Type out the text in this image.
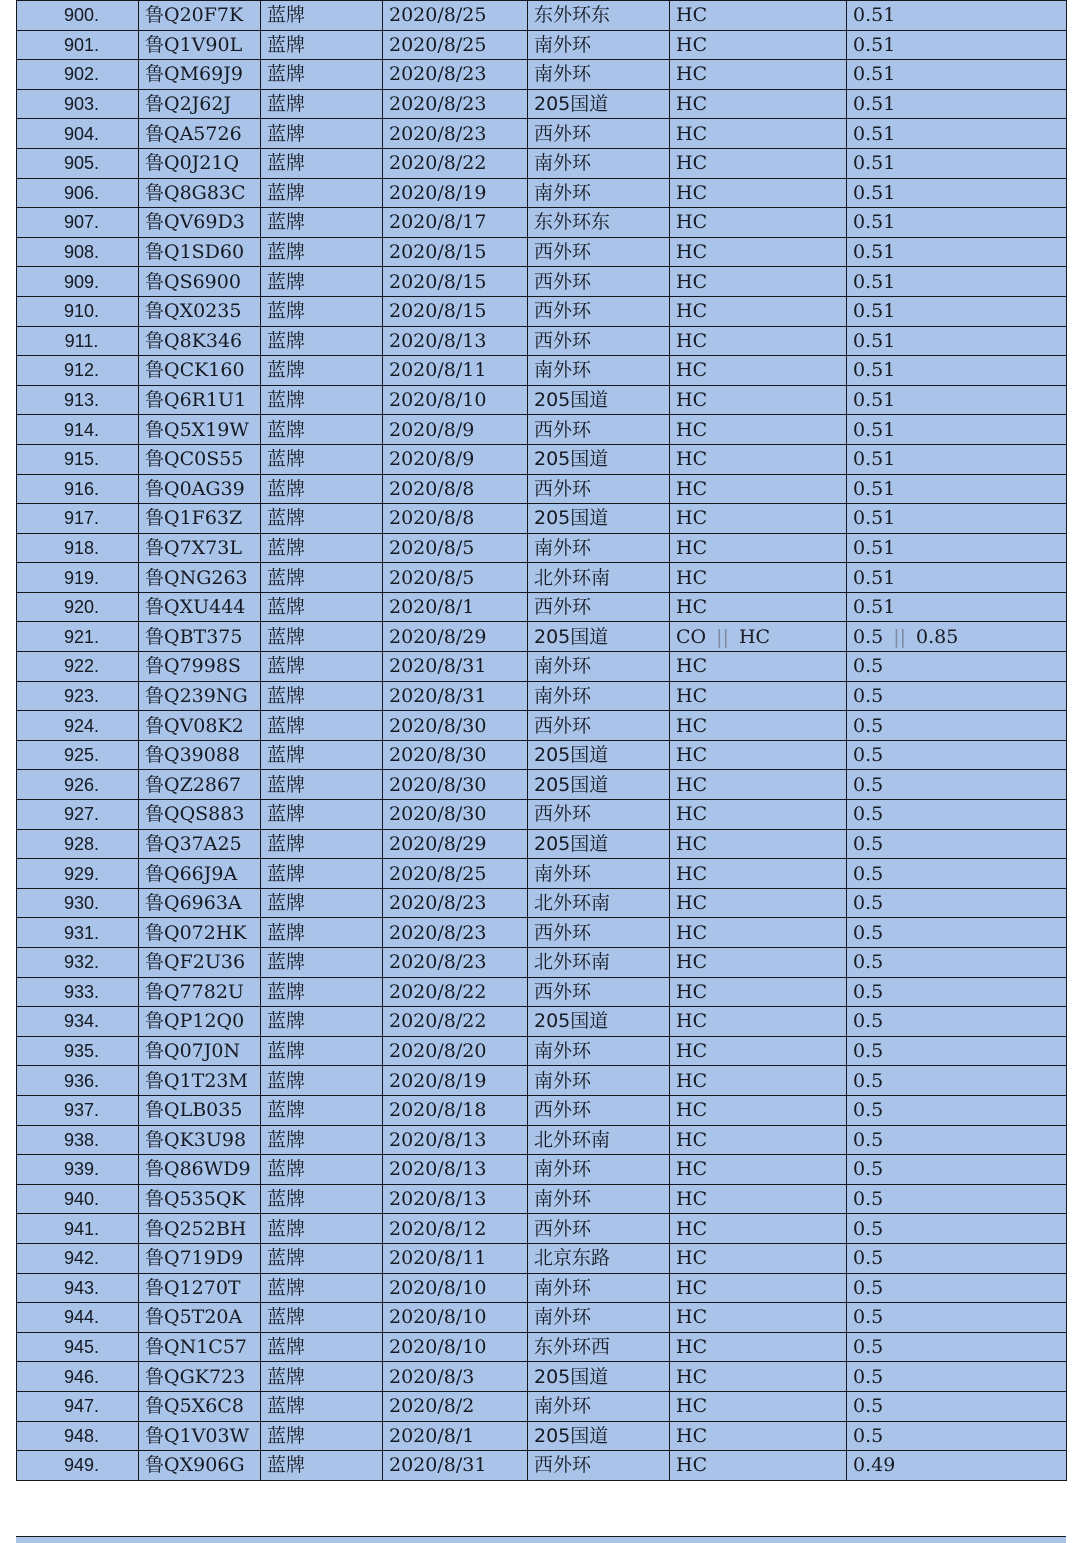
900.	鲁Q20F7K	蓝牌	2020/8/25	东外环东	HC	0.51
901.	鲁Q1V90L	蓝牌	2020/8/25	南外环	HC	0.51
902.	鲁QM69J9	蓝牌	2020/8/23	南外环	HC	0.51
903.	鲁Q2J62J	蓝牌	2020/8/23	205国道	HC	0.51
904.	鲁QA5726	蓝牌	2020/8/23	西外环	HC	0.51
905.	鲁Q0J21Q	蓝牌	2020/8/22	南外环	HC	0.51
906.	鲁Q8G83C	蓝牌	2020/8/19	南外环	HC	0.51
907.	鲁QV69D3	蓝牌	2020/8/17	东外环东	HC	0.51
908.	鲁Q1SD60	蓝牌	2020/8/15	西外环	HC	0.51
909.	鲁QS6900	蓝牌	2020/8/15	西外环	HC	0.51
910.	鲁QX0235	蓝牌	2020/8/15	西外环	HC	0.51
911.	鲁Q8K346	蓝牌	2020/8/13	西外环	HC	0.51
912.	鲁QCK160	蓝牌	2020/8/11	南外环	HC	0.51
913.	鲁Q6R1U1	蓝牌	2020/8/10	205国道	HC	0.51
914.	鲁Q5X19W	蓝牌	2020/8/9	西外环	HC	0.51
915.	鲁QC0S55	蓝牌	2020/8/9	205国道	HC	0.51
916.	鲁Q0AG39	蓝牌	2020/8/8	西外环	HC	0.51
917.	鲁Q1F63Z	蓝牌	2020/8/8	205国道	HC	0.51
918.	鲁Q7X73L	蓝牌	2020/8/5	南外环	HC	0.51
919.	鲁QNG263	蓝牌	2020/8/5	北外环南	HC	0.51
920.	鲁QXU444	蓝牌	2020/8/1	西外环	HC	0.51
921.	鲁QBT375	蓝牌	2020/8/29	205国道	CO || HC	0.5 || 0.85
922.	鲁Q7998S	蓝牌	2020/8/31	南外环	HC	0.5
923.	鲁Q239NG	蓝牌	2020/8/31	南外环	HC	0.5
924.	鲁QV08K2	蓝牌	2020/8/30	西外环	HC	0.5
925.	鲁Q39088	蓝牌	2020/8/30	205国道	HC	0.5
926.	鲁QZ2867	蓝牌	2020/8/30	205国道	HC	0.5
927.	鲁QQS883	蓝牌	2020/8/30	西外环	HC	0.5
928.	鲁Q37A25	蓝牌	2020/8/29	205国道	HC	0.5
929.	鲁Q66J9A	蓝牌	2020/8/25	南外环	HC	0.5
930.	鲁Q6963A	蓝牌	2020/8/23	北外环南	HC	0.5
931.	鲁Q072HK	蓝牌	2020/8/23	西外环	HC	0.5
932.	鲁QF2U36	蓝牌	2020/8/23	北外环南	HC	0.5
933.	鲁Q7782U	蓝牌	2020/8/22	西外环	HC	0.5
934.	鲁QP12Q0	蓝牌	2020/8/22	205国道	HC	0.5
935.	鲁Q07J0N	蓝牌	2020/8/20	南外环	HC	0.5
936.	鲁Q1T23M	蓝牌	2020/8/19	南外环	HC	0.5
937.	鲁QLB035	蓝牌	2020/8/18	西外环	HC	0.5
938.	鲁QK3U98	蓝牌	2020/8/13	北外环南	HC	0.5
939.	鲁Q86WD9	蓝牌	2020/8/13	南外环	HC	0.5
940.	鲁Q535QK	蓝牌	2020/8/13	南外环	HC	0.5
941.	鲁Q252BH	蓝牌	2020/8/12	西外环	HC	0.5
942.	鲁Q719D9	蓝牌	2020/8/11	北京东路	HC	0.5
943.	鲁Q1270T	蓝牌	2020/8/10	南外环	HC	0.5
944.	鲁Q5T20A	蓝牌	2020/8/10	南外环	HC	0.5
945.	鲁QN1C57	蓝牌	2020/8/10	东外环西	HC	0.5
946.	鲁QGK723	蓝牌	2020/8/3	205国道	HC	0.5
947.	鲁Q5X6C8	蓝牌	2020/8/2	南外环	HC	0.5
948.	鲁Q1V03W	蓝牌	2020/8/1	205国道	HC	0.5
949.	鲁QX906G	蓝牌	2020/8/31	西外环	HC	0.49
